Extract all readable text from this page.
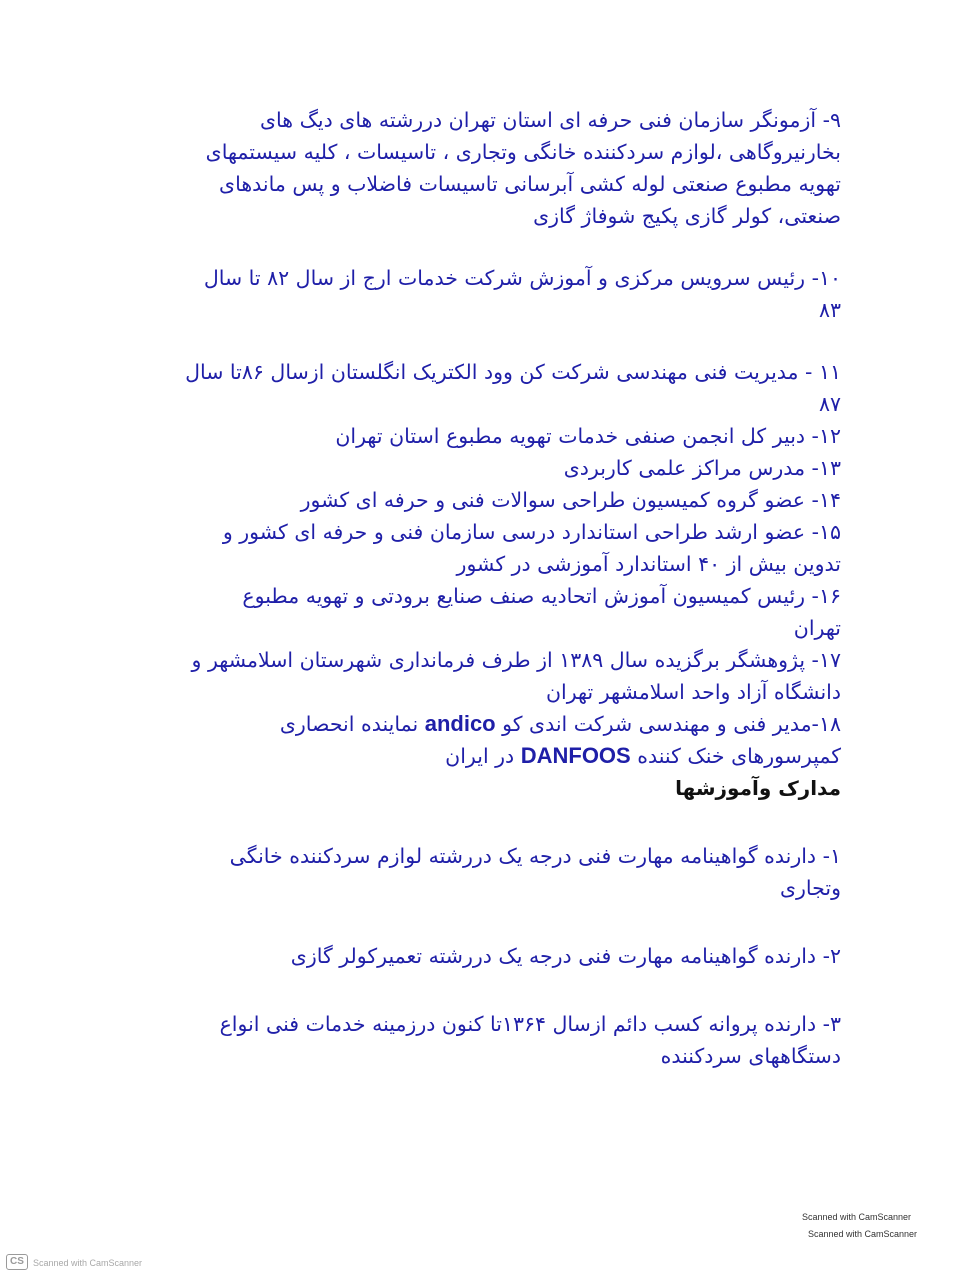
۹- آزمونگر سازمان فنی حرفه ای استان تهران دررشته های دیگ های
بخارنیروگاهی ،لوازم سردکننده خانگی وتجاری ، تاسیسات ، کلیه سیستمهای
تهویه مطبوع صنعتی لوله کشی آبرسانی تاسیسات فاضلاب و پس ماندهای
صنعتی، کولر گازی پکیج شوفاژ گازی
۱۰- رئیس سرویس مرکزی و آموزش شرکت خدمات ارج از سال ۸۲ تا سال
۸۳
۱۱ - مدیریت فنی مهندسی شرکت کن وود الکتریک انگلستان ازسال ۸۶تا سال
۸۷
۱۲- دبیر کل انجمن صنفی خدمات تهویه مطبوع استان تهران
۱۳- مدرس مراکز علمی کاربردی
۱۴- عضو گروه کمیسیون طراحی سوالات فنی و حرفه ای کشور
۱۵- عضو ارشد طراحی استاندارد درسی سازمان فنی و حرفه ای کشور و
تدوین بیش از ۴۰ استاندارد آموزشی در کشور
۱۶- رئیس کمیسیون آموزش اتحادیه صنف صنایع برودتی و تهویه مطبوع
تهران
۱۷- پژوهشگر برگزیده سال ۱۳۸۹ از طرف فرمانداری شهرستان اسلامشهر و
دانشگاه آزاد واحد اسلامشهر تهران
۱۸-مدیر فنی و مهندسی شرکت اندی کو andico نماینده انحصاری
کمپرسورهای خنک کننده DANFOOS در ایران
مدارک وآموزشها
۱- دارنده گواهینامه مهارت فنی درجه یک دررشته لوازم سردکننده خانگی
وتجاری
۲- دارنده گواهینامه مهارت فنی درجه یک دررشته تعمیرکولر گازی
۳- دارنده پروانه کسب دائم ازسال ۱۳۶۴تا کنون درزمینه خدمات فنی انواع
دستگاههای سردکننده
Scanned with CamScanner
Scanned with CamScanner
CS	Scanned with CamScanner
